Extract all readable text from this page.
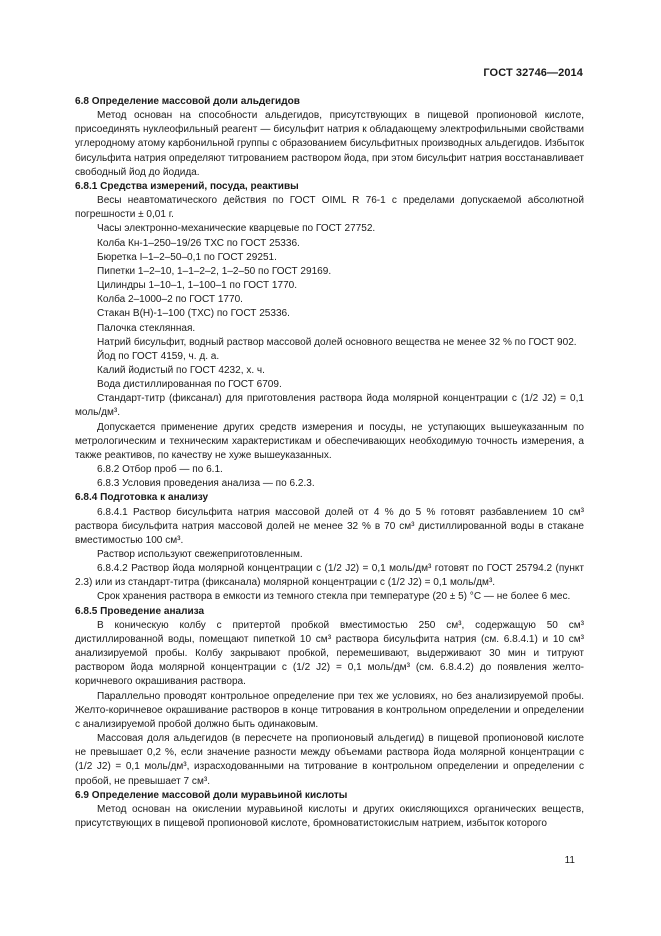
ГОСТ 32746—2014

6.8 Определение массовой доли альдегидов

Метод основан на способности альдегидов, присутствующих в пищевой пропионовой кислоте, присоединять нуклеофильный реагент — бисульфит натрия к обладающему электрофильными свойствами углеродному атому карбонильной группы с образованием бисульфитных производных альдегидов. Избыток бисульфита натрия определяют титрованием раствором йода, при этом бисульфит натрия восстанавливает свободный йод до йодида.

6.8.1 Средства измерений, посуда, реактивы

Весы неавтоматического действия по ГОСТ OIML R 76-1 с пределами допускаемой абсолютной погрешности ± 0,01 г.

Часы электронно-механические кварцевые по ГОСТ 27752.

Колба Кн-1–250–19/26 ТХС по ГОСТ 25336.

Бюретка I–1–2–50–0,1 по ГОСТ 29251.

Пипетки 1–2–10, 1–1–2–2, 1–2–50 по ГОСТ 29169.

Цилиндры 1–10–1, 1–100–1 по ГОСТ 1770.

Колба 2–1000–2 по ГОСТ 1770.

Стакан В(Н)-1–100 (ТХС) по ГОСТ 25336.

Палочка стеклянная.

Натрий бисульфит, водный раствор массовой долей основного вещества не менее 32 % по ГОСТ 902.

Йод по ГОСТ 4159, ч. д. а.

Калий йодистый по ГОСТ 4232, х. ч.

Вода дистиллированная по ГОСТ 6709.

Стандарт-титр (фиксанал) для приготовления раствора йода молярной концентрации c (1/2 J2) = 0,1 моль/дм³.

Допускается применение других средств измерения и посуды, не уступающих вышеуказанным по метрологическим и техническим характеристикам и обеспечивающих необходимую точность измерения, а также реактивов, по качеству не хуже вышеуказанных.

6.8.2 Отбор проб — по 6.1.

6.8.3 Условия проведения анализа — по 6.2.3.

6.8.4 Подготовка к анализу

6.8.4.1 Раствор бисульфита натрия массовой долей от 4 % до 5 % готовят разбавлением 10 см³ раствора бисульфита натрия массовой долей не менее 32 % в 70 см³ дистиллированной воды в стакане вместимостью 100 см³.

Раствор используют свежеприготовленным.

6.8.4.2 Раствор йода молярной концентрации c (1/2 J2) = 0,1 моль/дм³ готовят по ГОСТ 25794.2 (пункт 2.3) или из стандарт-титра (фиксанала) молярной концентрации c (1/2 J2) = 0,1 моль/дм³.

Срок хранения раствора в емкости из темного стекла при температуре (20 ± 5) °С — не более 6 мес.

6.8.5 Проведение анализа

В коническую колбу с притертой пробкой вместимостью 250 см³, содержащую 50 см³ дистиллированной воды, помещают пипеткой 10 см³ раствора бисульфита натрия (см. 6.8.4.1) и 10 см³ анализируемой пробы. Колбу закрывают пробкой, перемешивают, выдерживают 30 мин и титруют раствором йода молярной концентрации c (1/2 J2) = 0,1 моль/дм³ (см. 6.8.4.2) до появления желто-коричневого окрашивания раствора.

Параллельно проводят контрольное определение при тех же условиях, но без анализируемой пробы. Желто-коричневое окрашивание растворов в конце титрования в контрольном определении и определении с анализируемой пробой должно быть одинаковым.

Массовая доля альдегидов (в пересчете на пропионовый альдегид) в пищевой пропионовой кислоте не превышает 0,2 %, если значение разности между объемами раствора йода молярной концентрации c (1/2 J2) = 0,1 моль/дм³, израсходованными на титрование в контрольном определении и определении с пробой, не превышает 7 см³.

6.9 Определение массовой доли муравьиной кислоты

Метод основан на окислении муравьиной кислоты и других окисляющихся органических веществ, присутствующих в пищевой пропионовой кислоте, бромноватистокислым натрием, избыток которого

11
